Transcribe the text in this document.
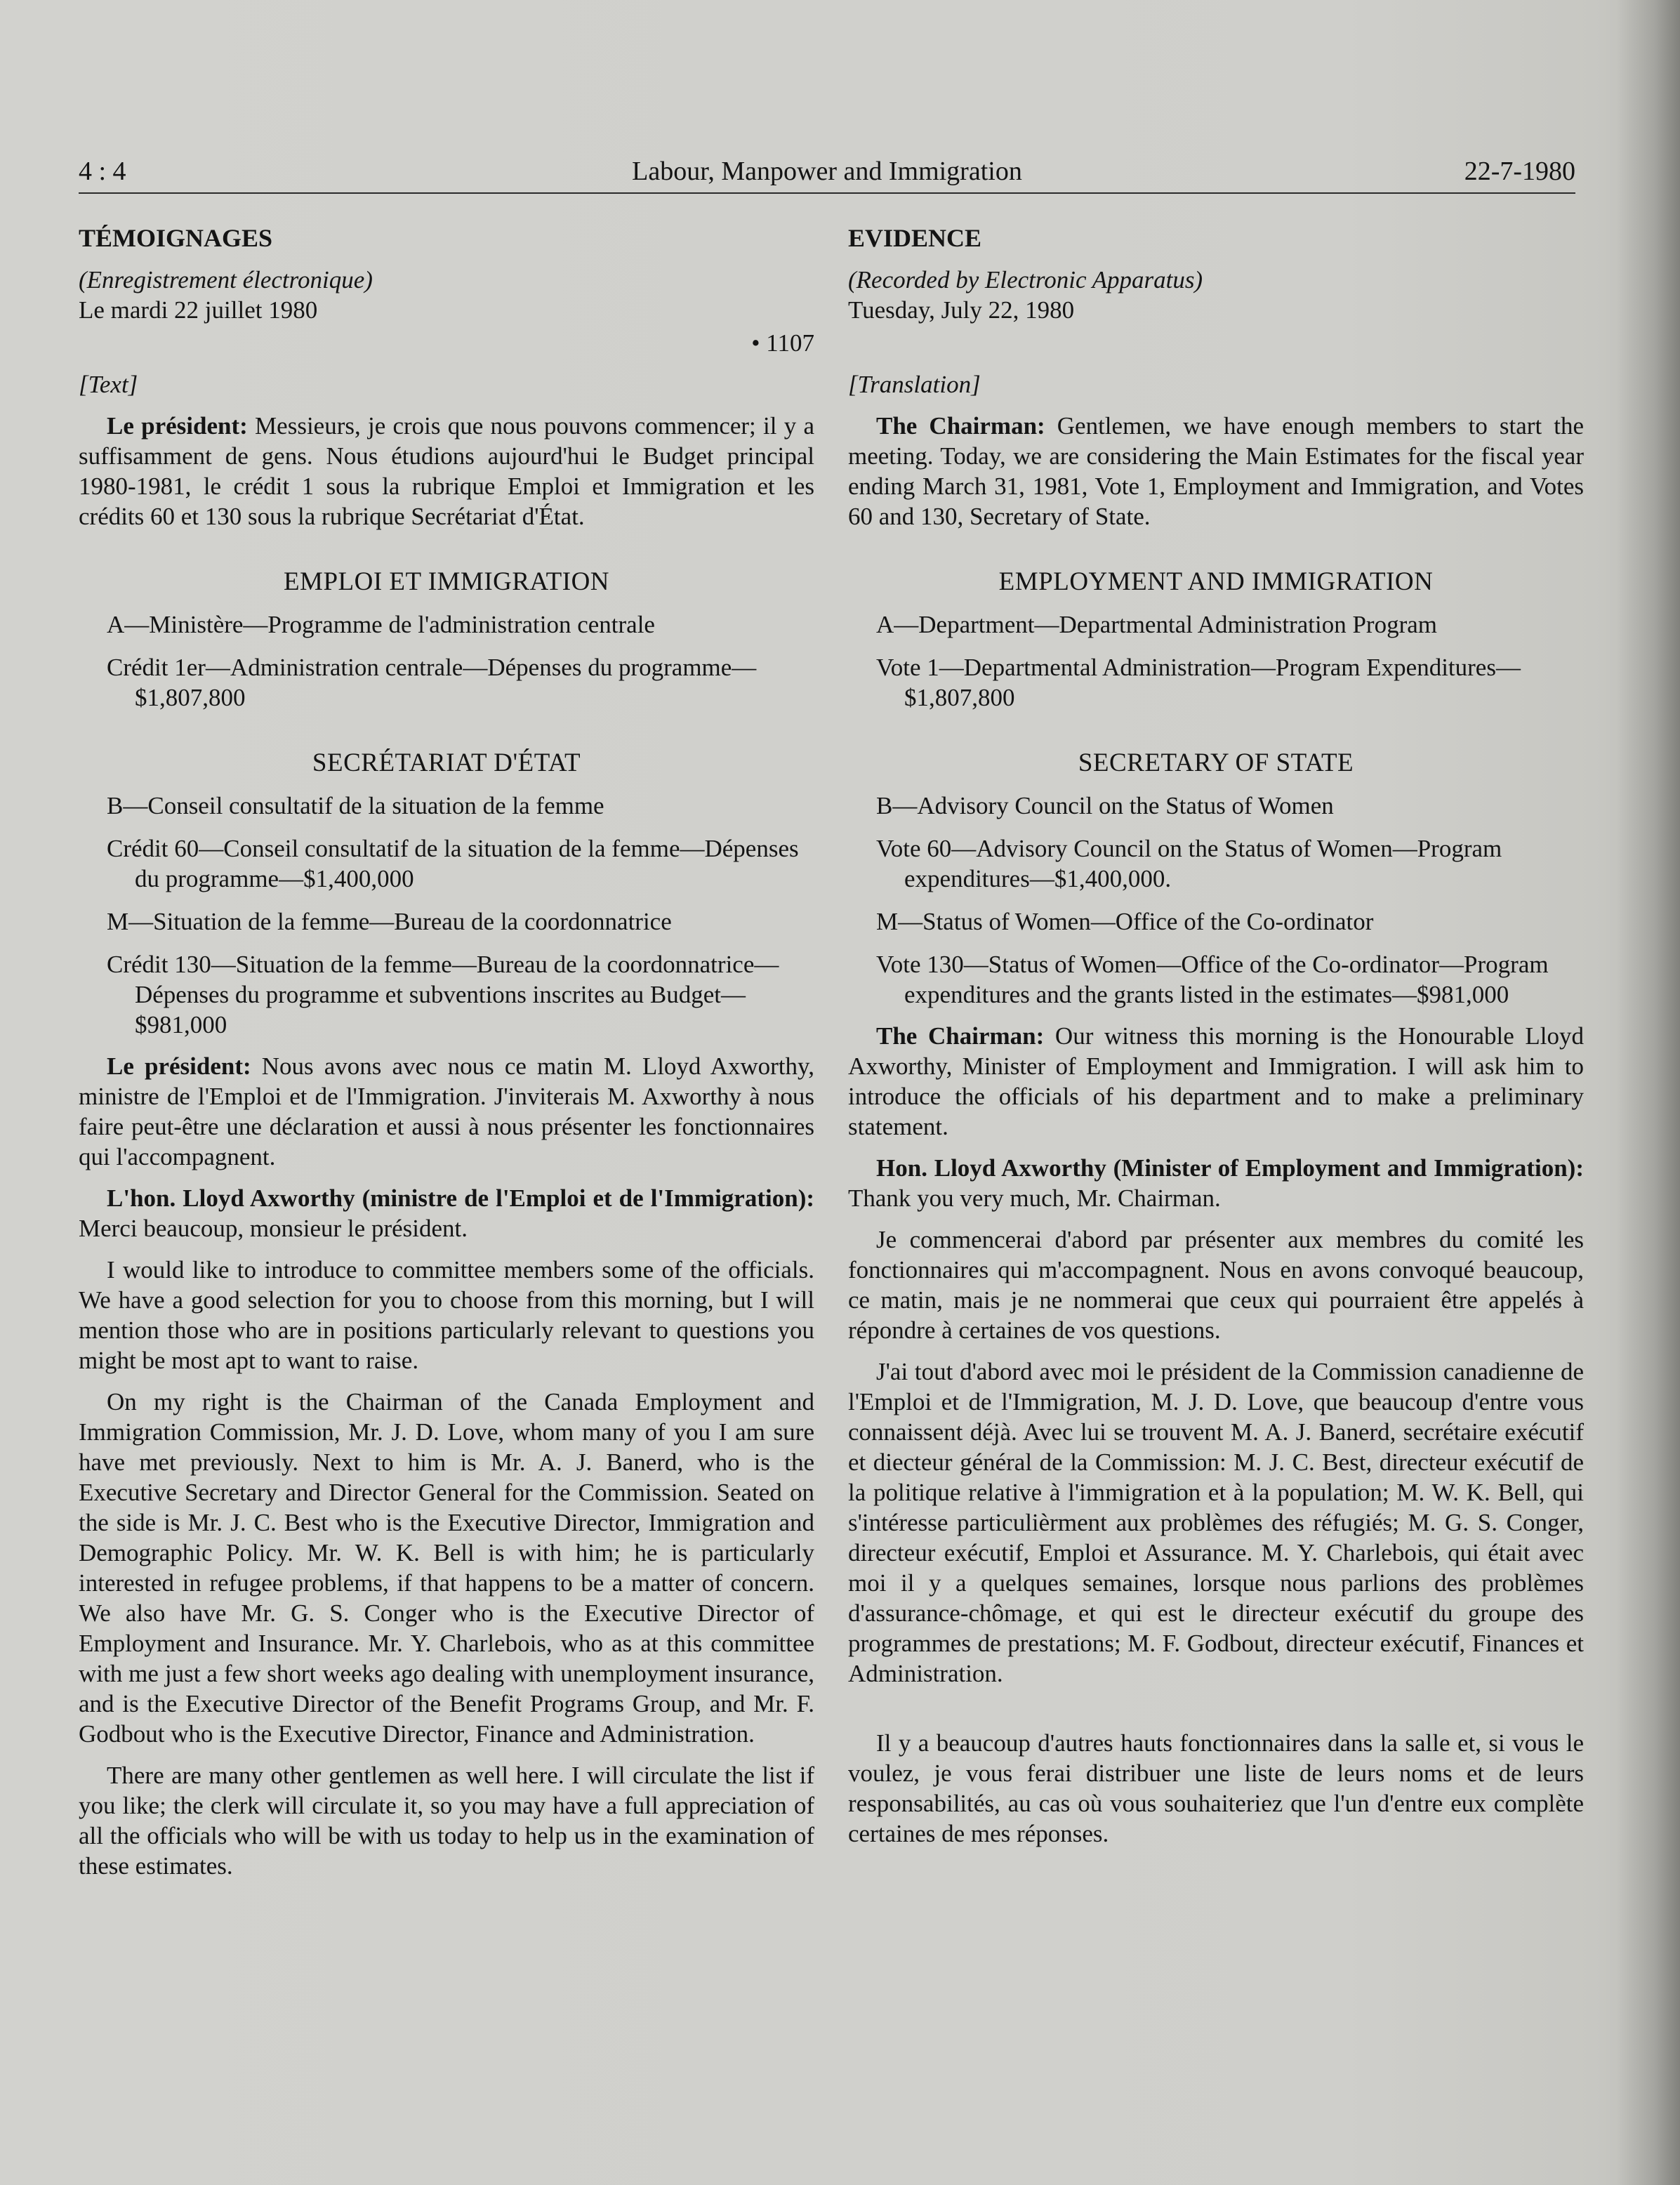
4 : 4	Labour, Manpower and Immigration	22-7-1980

TÉMOIGNAGES

(Enregistrement électronique)

Le mardi 22 juillet 1980

• 1107

[Text]

Le président: Messieurs, je crois que nous pouvons commencer; il y a suffisamment de gens. Nous étudions aujourd'hui le Budget principal 1980-1981, le crédit 1 sous la rubrique Emploi et Immigration et les crédits 60 et 130 sous la rubrique Secrétariat d'État.

EMPLOI ET IMMIGRATION

A—Ministère—Programme de l'administration centrale

Crédit 1er—Administration centrale—Dépenses du programme—$1,807,800

SECRÉTARIAT D'ÉTAT

B—Conseil consultatif de la situation de la femme

Crédit 60—Conseil consultatif de la situation de la femme—Dépenses du programme—$1,400,000

M—Situation de la femme—Bureau de la coordonnatrice

Crédit 130—Situation de la femme—Bureau de la coordonnatrice—Dépenses du programme et subventions inscrites au Budget—$981,000

Le président: Nous avons avec nous ce matin M. Lloyd Axworthy, ministre de l'Emploi et de l'Immigration. J'inviterais M. Axworthy à nous faire peut-être une déclaration et aussi à nous présenter les fonctionnaires qui l'accompagnent.

L'hon. Lloyd Axworthy (ministre de l'Emploi et de l'Immigration): Merci beaucoup, monsieur le président.

I would like to introduce to committee members some of the officials. We have a good selection for you to choose from this morning, but I will mention those who are in positions particularly relevant to questions you might be most apt to want to raise.

On my right is the Chairman of the Canada Employment and Immigration Commission, Mr. J. D. Love, whom many of you I am sure have met previously. Next to him is Mr. A. J. Banerd, who is the Executive Secretary and Director General for the Commission. Seated on the side is Mr. J. C. Best who is the Executive Director, Immigration and Demographic Policy. Mr. W. K. Bell is with him; he is particularly interested in refugee problems, if that happens to be a matter of concern. We also have Mr. G. S. Conger who is the Executive Director of Employment and Insurance. Mr. Y. Charlebois, who as at this committee with me just a few short weeks ago dealing with unemployment insurance, and is the Executive Director of the Benefit Programs Group, and Mr. F. Godbout who is the Executive Director, Finance and Administration.

There are many other gentlemen as well here. I will circulate the list if you like; the clerk will circulate it, so you may have a full appreciation of all the officials who will be with us today to help us in the examination of these estimates.

EVIDENCE

(Recorded by Electronic Apparatus)

Tuesday, July 22, 1980

[Translation]

The Chairman: Gentlemen, we have enough members to start the meeting. Today, we are considering the Main Estimates for the fiscal year ending March 31, 1981, Vote 1, Employment and Immigration, and Votes 60 and 130, Secretary of State.

EMPLOYMENT AND IMMIGRATION

A—Department—Departmental Administration Program

Vote 1—Departmental Administration—Program Expenditures—$1,807,800

SECRETARY OF STATE

B—Advisory Council on the Status of Women

Vote 60—Advisory Council on the Status of Women—Program expenditures—$1,400,000.

M—Status of Women—Office of the Co-ordinator

Vote 130—Status of Women—Office of the Co-ordinator—Program expenditures and the grants listed in the estimates—$981,000

The Chairman: Our witness this morning is the Honourable Lloyd Axworthy, Minister of Employment and Immigration. I will ask him to introduce the officials of his department and to make a preliminary statement.

Hon. Lloyd Axworthy (Minister of Employment and Immigration): Thank you very much, Mr. Chairman.

Je commencerai d'abord par présenter aux membres du comité les fonctionnaires qui m'accompagnent. Nous en avons convoqué beaucoup, ce matin, mais je ne nommerai que ceux qui pourraient être appelés à répondre à certaines de vos questions.

J'ai tout d'abord avec moi le président de la Commission canadienne de l'Emploi et de l'Immigration, M. J. D. Love, que beaucoup d'entre vous connaissent déjà. Avec lui se trouvent M. A. J. Banerd, secrétaire exécutif et diecteur général de la Commission: M. J. C. Best, directeur exécutif de la politique relative à l'immigration et à la population; M. W. K. Bell, qui s'intéresse particulièrment aux problèmes des réfugiés; M. G. S. Conger, directeur exécutif, Emploi et Assurance. M. Y. Charlebois, qui était avec moi il y a quelques semaines, lorsque nous parlions des problèmes d'assurance-chômage, et qui est le directeur exécutif du groupe des programmes de prestations; M. F. Godbout, directeur exécutif, Finances et Administration.

Il y a beaucoup d'autres hauts fonctionnaires dans la salle et, si vous le voulez, je vous ferai distribuer une liste de leurs noms et de leurs responsabilités, au cas où vous souhaiteriez que l'un d'entre eux complète certaines de mes réponses.
